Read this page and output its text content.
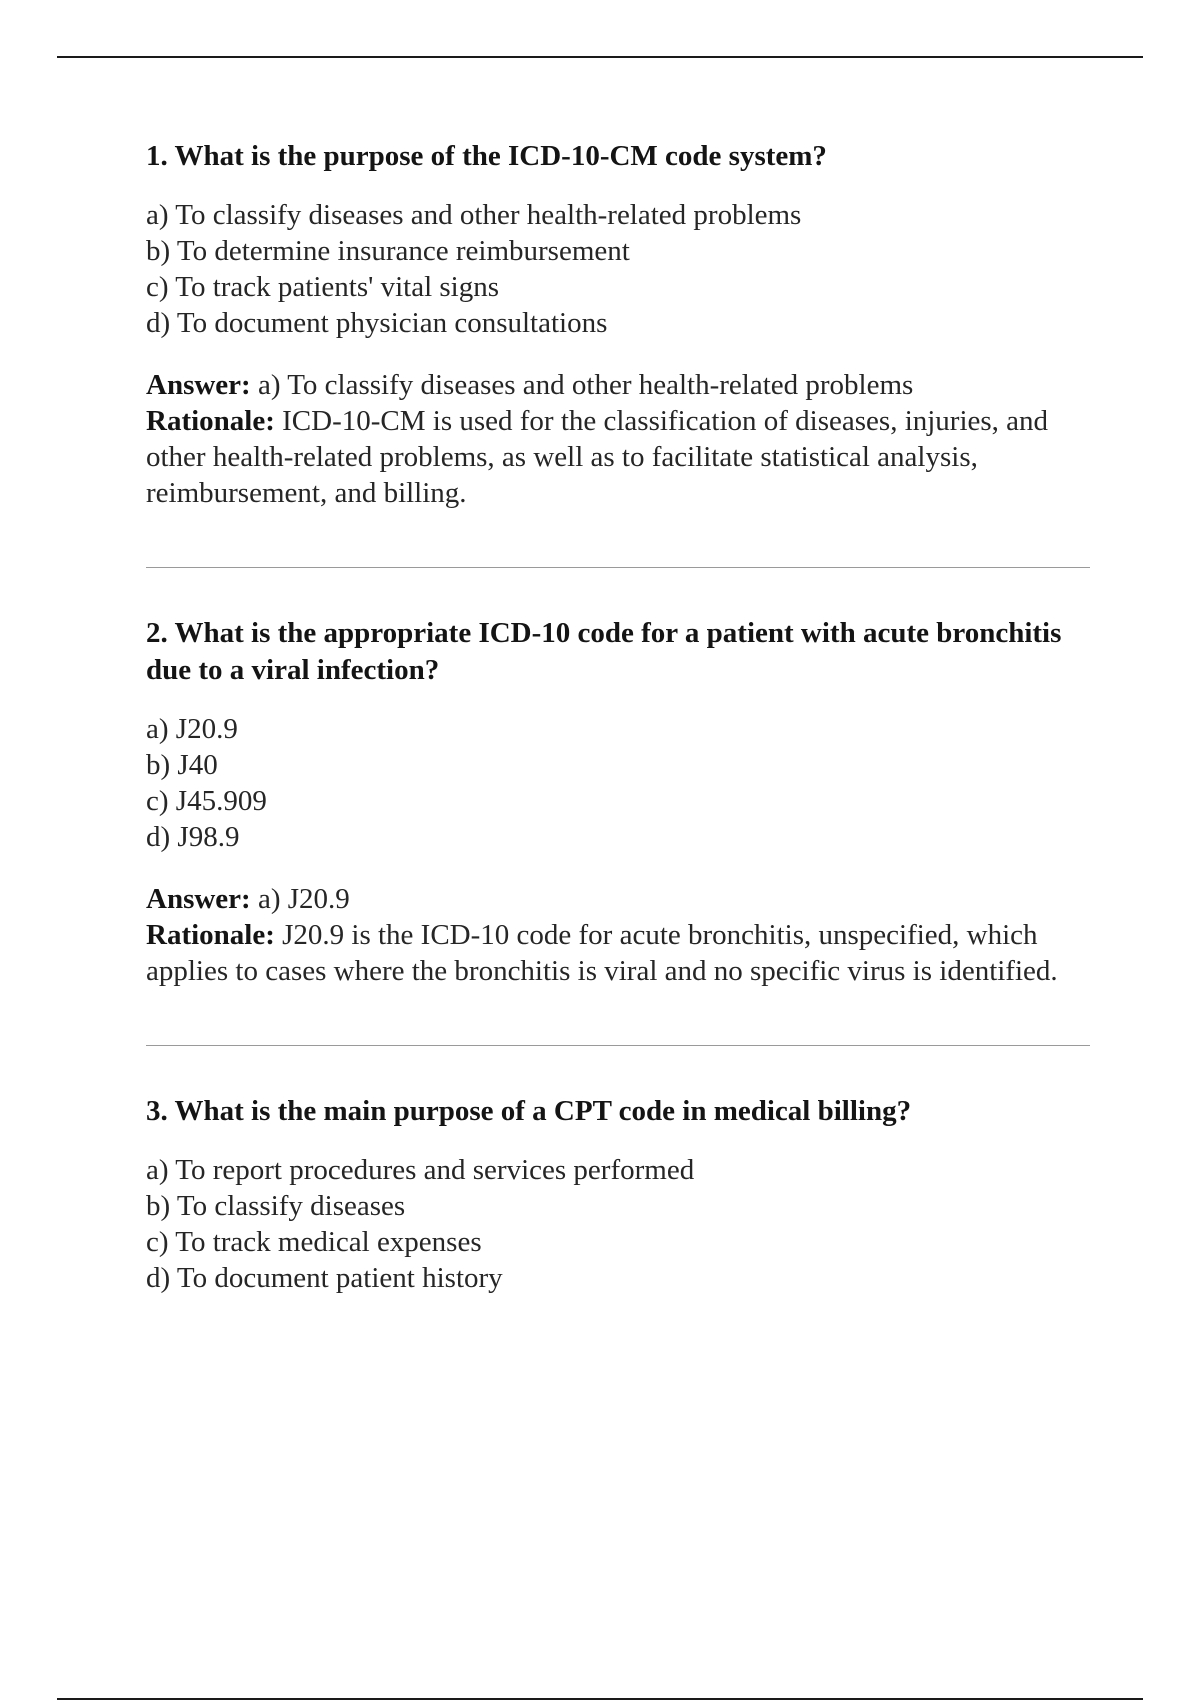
1. What is the purpose of the ICD-10-CM code system?

a) To classify diseases and other health-related problems

b) To determine insurance reimbursement

c) To track patients' vital signs

d) To document physician consultations

Answer: a) To classify diseases and other health-related problems

Rationale: ICD-10-CM is used for the classification of diseases, injuries, and other health-related problems, as well as to facilitate statistical analysis, reimbursement, and billing.

2. What is the appropriate ICD-10 code for a patient with acute bronchitis due to a viral infection?

a) J20.9

b) J40

c) J45.909

d) J98.9

Answer: a) J20.9

Rationale: J20.9 is the ICD-10 code for acute bronchitis, unspecified, which applies to cases where the bronchitis is viral and no specific virus is identified.

3. What is the main purpose of a CPT code in medical billing?

a) To report procedures and services performed

b) To classify diseases

c) To track medical expenses

d) To document patient history
